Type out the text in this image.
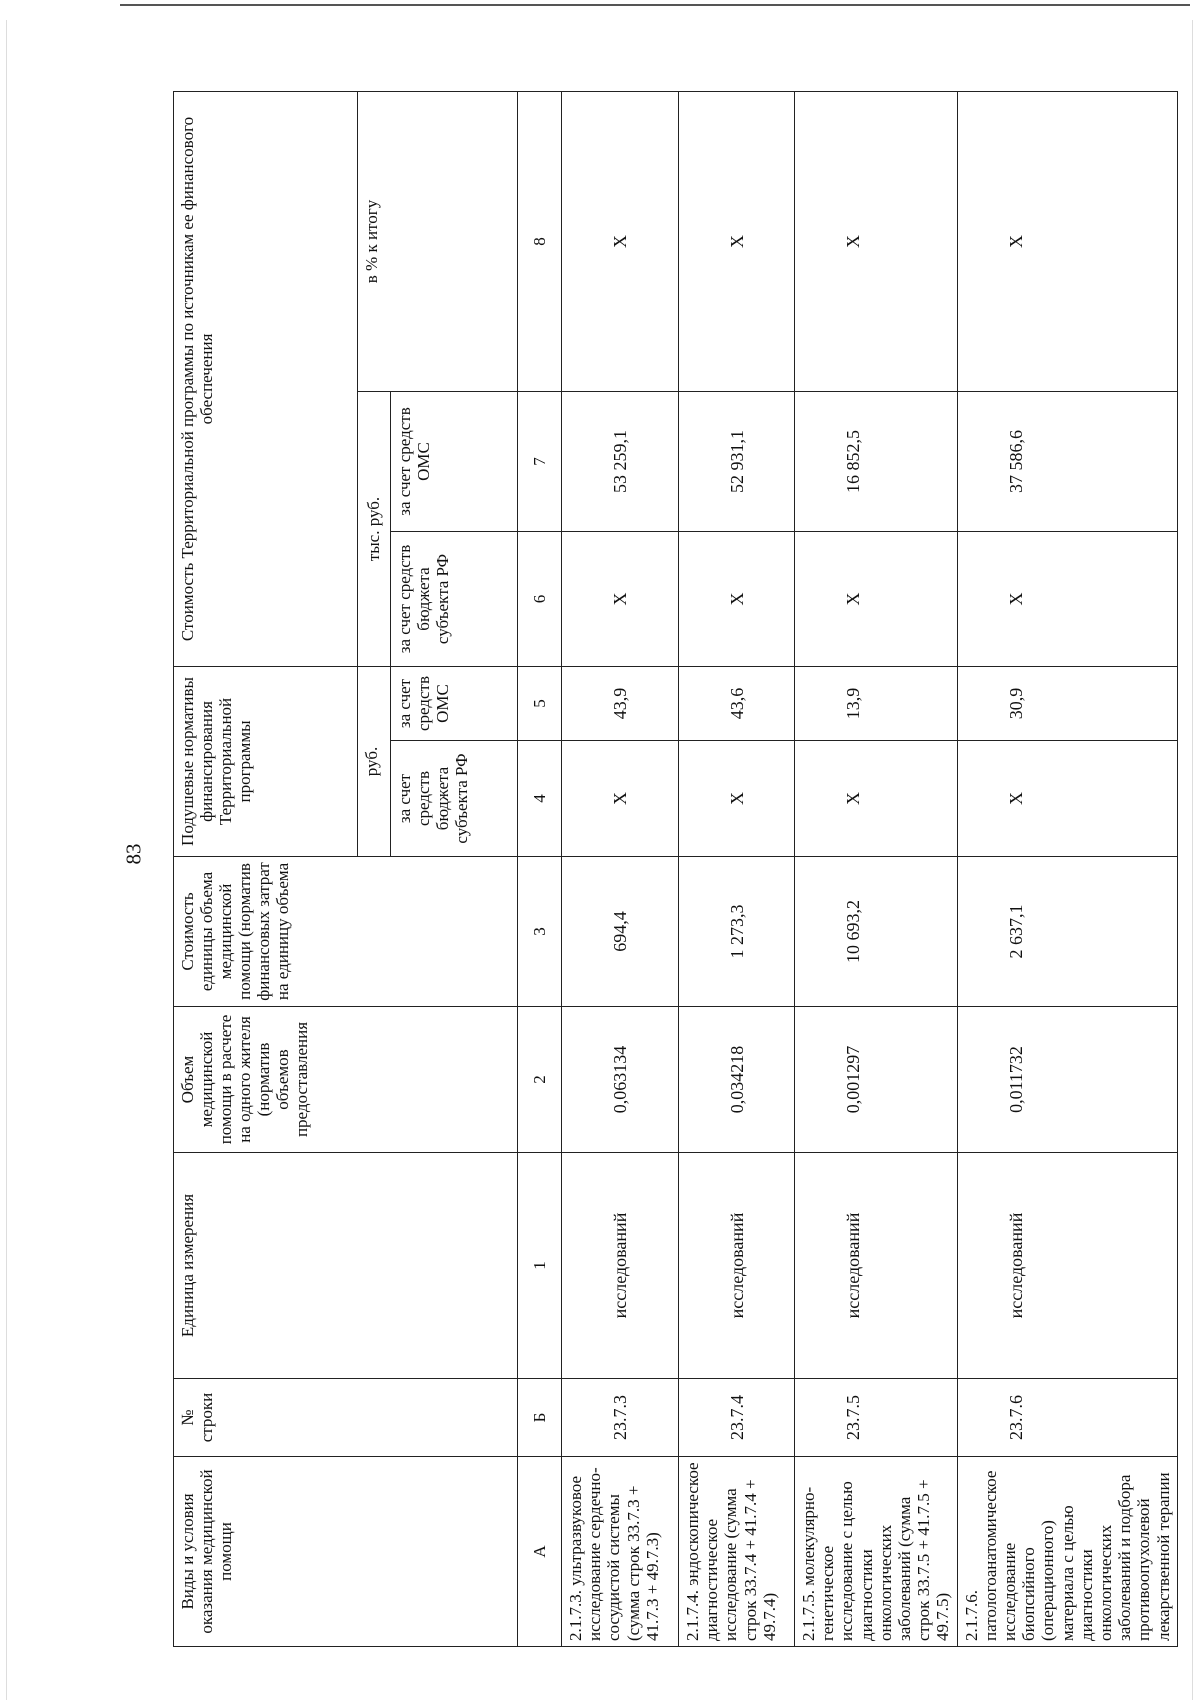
83
Виды и условия оказания медицинской помощи	№ строки	Единица измерения	Объем медицинской помощи в расчете на одного жителя (норматив объемов предоставления	Стоимость единицы объема медицинской помощи (норматив финансовых затрат на единицу объема	Подушевые нормативы финансирования Территориальной программы		Стоимость Территориальной программы по источникам ее финансового обеспечения		
					руб.		тыс. руб.		в % к итогу
					за счет средств бюджета субъекта РФ	за счет средств ОМС	за счет средств бюджета субъекта РФ	за счет средств ОМС	
А	Б	1	2	3	4	5	6	7	8
2.1.7.3. ультразвуковое исследование сердечно-сосудистой системы (сумма строк 33.7.3 + 41.7.3 + 49.7.3)	23.7.3	исследований	0,063134	694,4	Х	43,9	Х	53 259,1	Х
2.1.7.4. эндоскопическое диагностическое исследование (сумма строк 33.7.4 + 41.7.4 + 49.7.4)	23.7.4	исследований	0,034218	1 273,3	Х	43,6	Х	52 931,1	Х
2.1.7.5. молекулярно-генетическое исследование с целью диагностики онкологических заболеваний (сумма строк 33.7.5 + 41.7.5 + 49.7.5)	23.7.5	исследований	0,001297	10 693,2	Х	13,9	Х	16 852,5	Х
2.1.7.6. патологоанатомическое исследование биопсийного (операционного) материала с целью диагностики онкологических заболеваний и подбора противоопухолевой лекарственной терапии	23.7.6	исследований	0,011732	2 637,1	Х	30,9	Х	37 586,6	Х
